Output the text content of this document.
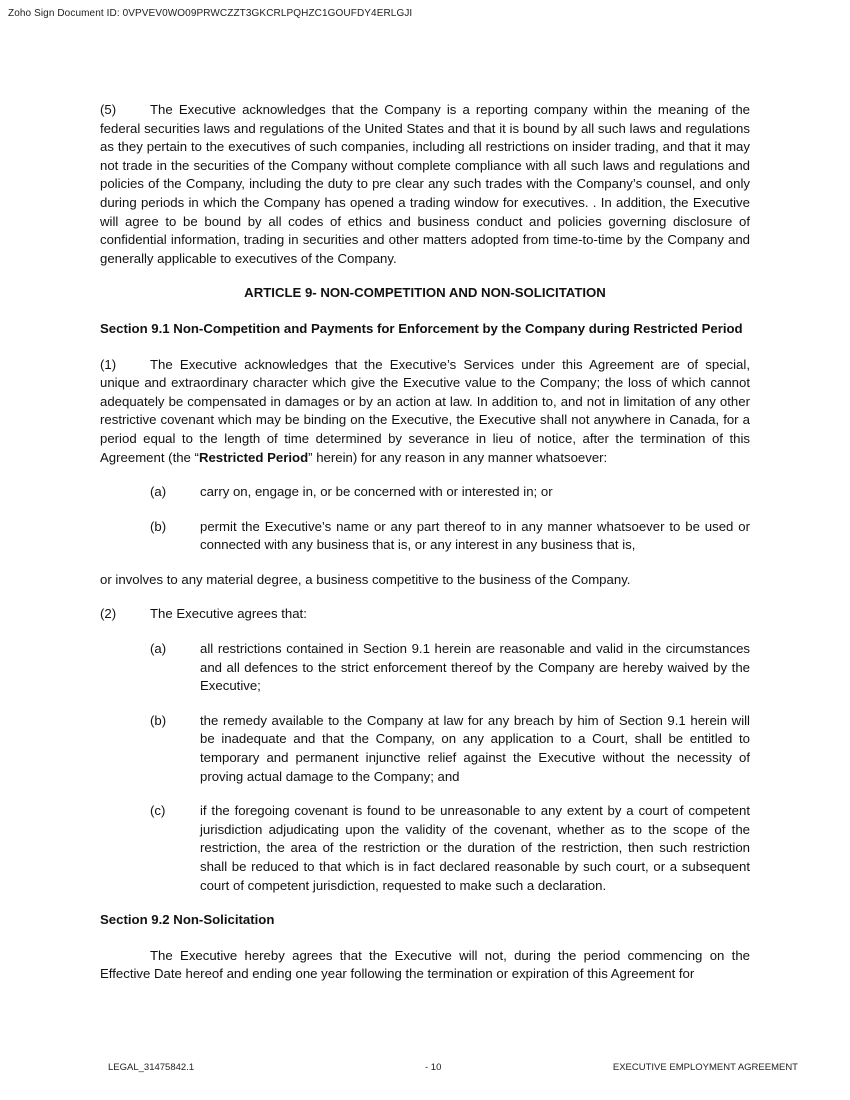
Zoho Sign Document ID: 0VPVEV0WO09PRWCZZT3GKCRLPQHZC1GOUFDY4ERLGJI

(5)	The Executive acknowledges that the Company is a reporting company within the meaning of the federal securities laws and regulations of the United States and that it is bound by all such laws and regulations as they pertain to the executives of such companies, including all restrictions on insider trading, and that it may not trade in the securities of the Company without complete compliance with all such laws and regulations and policies of the Company, including the duty to pre clear any such trades with the Company’s counsel, and only during periods in which the Company has opened a trading window for executives. . In addition, the Executive will agree to be bound by all codes of ethics and business conduct and policies governing disclosure of confidential information, trading in securities and other matters adopted from time-to-time by the Company and generally applicable to executives of the Company.

ARTICLE 9- NON-COMPETITION AND NON-SOLICITATION
Section 9.1 Non-Competition and Payments for Enforcement by the Company during Restricted Period

(1)	The Executive acknowledges that the Executive’s Services under this Agreement are of special, unique and extraordinary character which give the Executive value to the Company; the loss of which cannot adequately be compensated in damages or by an action at law. In addition to, and not in limitation of any other restrictive covenant which may be binding on the Executive, the Executive shall not anywhere in Canada, for a period equal to the length of time determined by severance in lieu of notice, after the termination of this Agreement (the “Restricted Period” herein) for any reason in any manner whatsoever:

(a)	carry on, engage in, or be concerned with or interested in; or
(b)	permit the Executive’s name or any part thereof to in any manner whatsoever to be used or connected with any business that is, or any interest in any business that is,

or involves to any material degree, a business competitive to the business of the Company.

(2)	The Executive agrees that:

(a)	all restrictions contained in Section 9.1 herein are reasonable and valid in the circumstances and all defences to the strict enforcement thereof by the Company are hereby waived by the Executive;
(b)	the remedy available to the Company at law for any breach by him of Section 9.1 herein will be inadequate and that the Company, on any application to a Court, shall be entitled to temporary and permanent injunctive relief against the Executive without the necessity of proving actual damage to the Company; and
(c)	if the foregoing covenant is found to be unreasonable to any extent by a court of competent jurisdiction adjudicating upon the validity of the covenant, whether as to the scope of the restriction, the area of the restriction or the duration of the restriction, then such restriction shall be reduced to that which is in fact declared reasonable by such court, or a subsequent court of competent jurisdiction, requested to make such a declaration.
Section 9.2 Non-Solicitation

The Executive hereby agrees that the Executive will not, during the period commencing on the Effective Date hereof and ending one year following the termination or expiration of this Agreement for

LEGAL_31475842.1	- 10	EXECUTIVE EMPLOYMENT AGREEMENT
